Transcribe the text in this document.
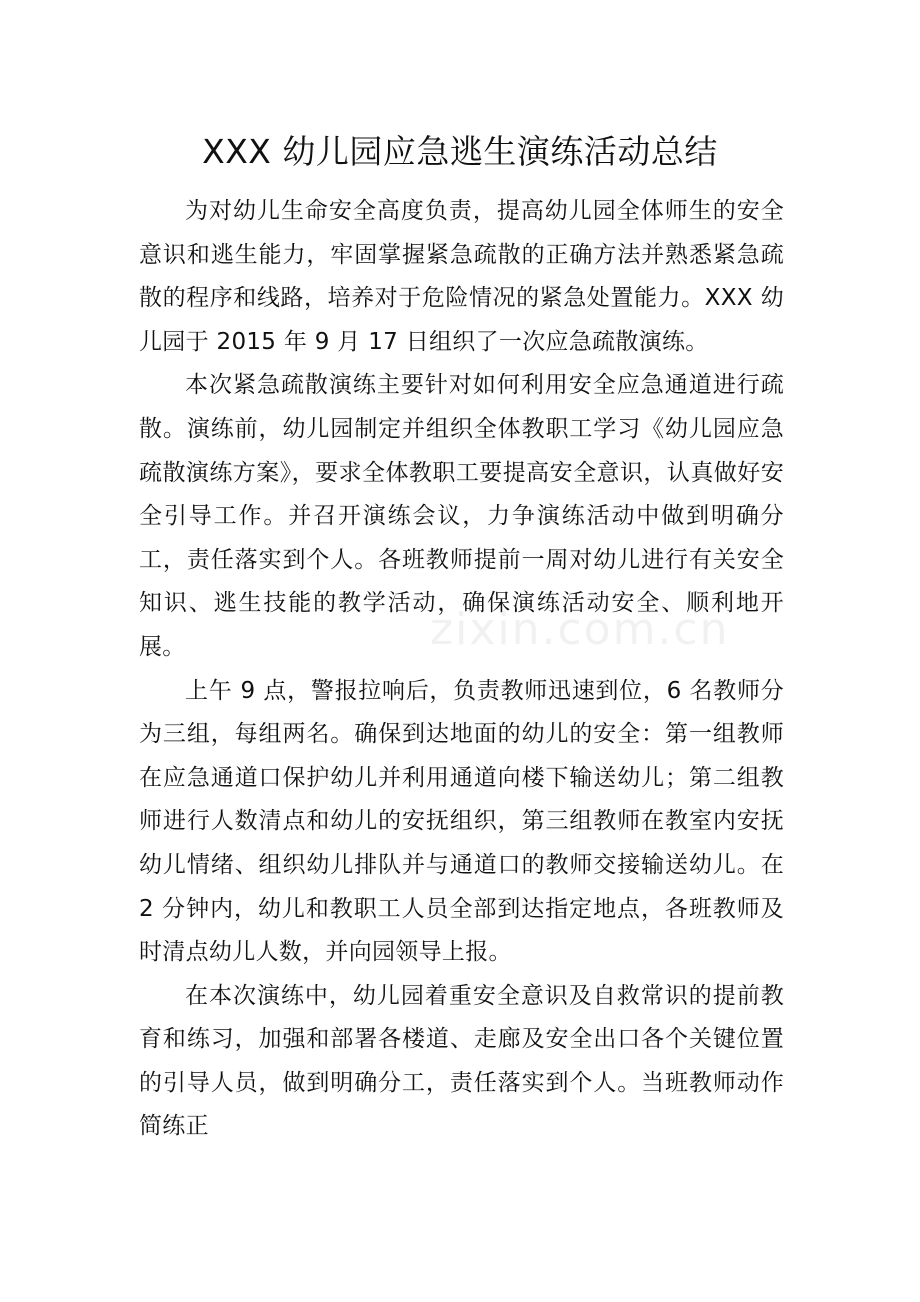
XXX 幼儿园应急逃生演练活动总结

为对幼儿生命安全高度负责，提高幼儿园全体师生的安全意识和逃生能力，牢固掌握紧急疏散的正确方法并熟悉紧急疏散的程序和线路，培养对于危险情况的紧急处置能力。XXX 幼儿园于 2015 年 9 月 17 日组织了一次应急疏散演练。

本次紧急疏散演练主要针对如何利用安全应急通道进行疏散。演练前，幼儿园制定并组织全体教职工学习《幼儿园应急疏散演练方案》，要求全体教职工要提高安全意识，认真做好安全引导工作。并召开演练会议，力争演练活动中做到明确分工，责任落实到个人。各班教师提前一周对幼儿进行有关安全知识、逃生技能的教学活动，确保演练活动安全、顺利地开展。

上午 9 点，警报拉响后，负责教师迅速到位，6 名教师分为三组，每组两名。确保到达地面的幼儿的安全：第一组教师在应急通道口保护幼儿并利用通道向楼下输送幼儿；第二组教师进行人数清点和幼儿的安抚组织，第三组教师在教室内安抚幼儿情绪、组织幼儿排队并与通道口的教师交接输送幼儿。在 2 分钟内，幼儿和教职工人员全部到达指定地点，各班教师及时清点幼儿人数，并向园领导上报。

在本次演练中，幼儿园着重安全意识及自救常识的提前教育和练习，加强和部署各楼道、走廊及安全出口各个关键位置的引导人员，做到明确分工，责任落实到个人。当班教师动作简练正

zixin.com.cn
